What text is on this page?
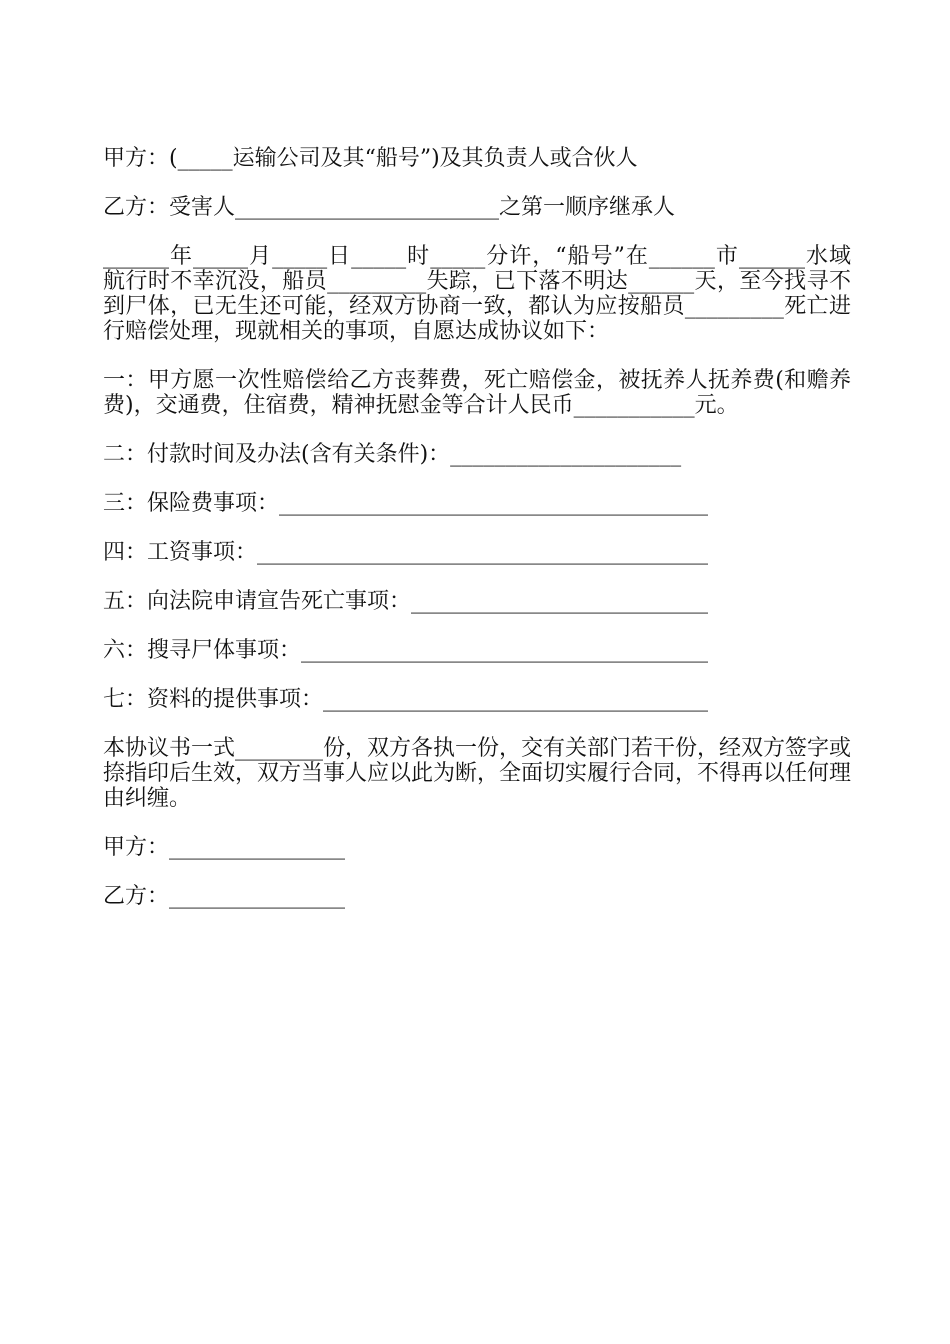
甲方：(_____运输公司及其“船号”)及其负责人或合伙人

乙方：受害人________________________之第一顺序继承人

______年_____月_____日_____时_____分许，“船号”在______市______水域航行时不幸沉没，船员_________失踪，已下落不明达______天，至今找寻不到尸体，已无生还可能，经双方协商一致，都认为应按船员_________死亡进行赔偿处理，现就相关的事项，自愿达成协议如下：

一：甲方愿一次性赔偿给乙方丧葬费，死亡赔偿金，被抚养人抚养费(和赡养费)，交通费，住宿费，精神抚慰金等合计人民币___________元。

二：付款时间及办法(含有关条件)：_____________________

三：保险费事项：_______________________________________

四：工资事项：_________________________________________

五：向法院申请宣告死亡事项：___________________________

六：搜寻尸体事项：_____________________________________

七：资料的提供事项：___________________________________

本协议书一式________份，双方各执一份，交有关部门若干份，经双方签字或捺指印后生效，双方当事人应以此为断，全面切实履行合同，不得再以任何理由纠缠。

甲方：________________

乙方：________________
